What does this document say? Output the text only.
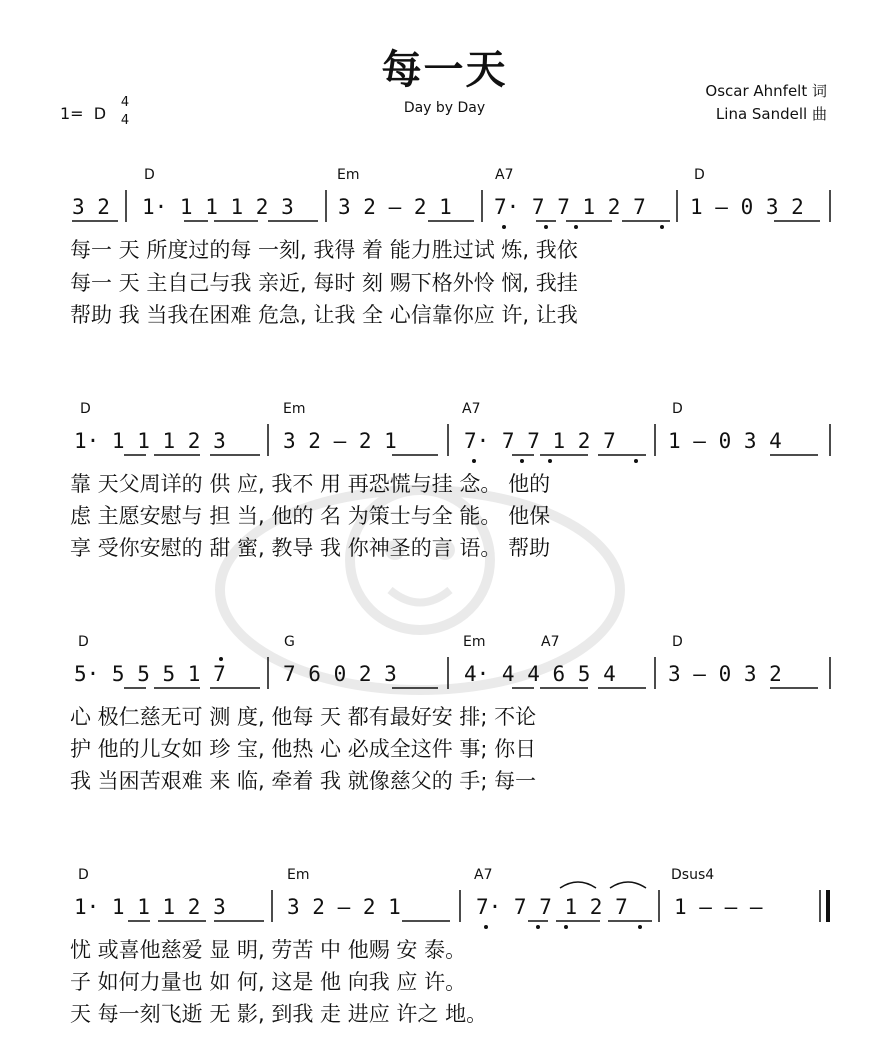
每一天
Day by Day
1=  D
4
4
Oscar Ahnfelt 词
Lina Sandell 曲
D	Em	A7	D
3 2 1· 1 1 1 2 3 3 2 — 2 1 7· 7 7 1 2 7 1 — 0 3 2
每一 天 所度过的每 一刻, 我得 着 能力胜过试 炼, 我依
每一 天 主自己与我 亲近, 每时 刻 赐下格外怜 悯, 我挂
帮助 我 当我在困难 危急, 让我 全 心信靠你应 许, 让我
D	Em	A7	D
1· 1 1 1 2 3	3 2 — 2 1	7· 7 7 1 2 7 1 — 0 3 4
靠 天父周详的 供 应, 我不 用 再恐慌与挂 念。 他的
虑 主愿安慰与 担 当, 他的 名 为策士与全 能。 他保
享 受你安慰的 甜 蜜, 教导 我 你神圣的言 语。 帮助
D	G	Em	A7	D
5· 5 5 5 1 7	7 6 0 2 3	4· 4 4 6 5 4 3 — 0 3 2
心 极仁慈无可 测 度, 他每 天 都有最好安 排; 不论
护 他的儿女如 珍 宝, 他热 心 必成全这件 事; 你日
我 当困苦艰难 来 临, 牵着 我 就像慈父的 手; 每一
D	Em	A7	Dsus4
1· 1 1 1 2 3	3 2 — 2 1	7· 7 7 1 2 7 1 — — —
忧 或喜他慈爱 显 明, 劳苦 中 他赐 安 泰。
子 如何力量也 如 何, 这是 他 向我 应 许。
天 每一刻飞逝 无 影, 到我 走 进应 许之 地。
